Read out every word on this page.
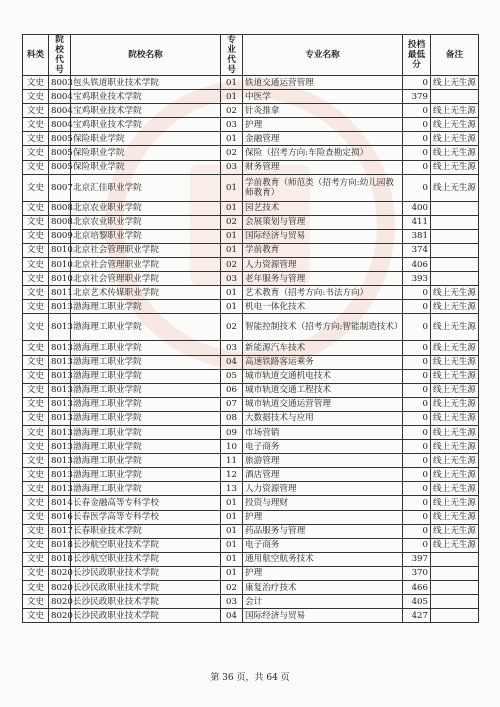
科类	院校代号	院校名称	专业代号	专业名称	投档最低分	备注
文史	8003	包头铁道职业技术学院	01	铁道交通运营管理	0	线上无生源
文史	8004	宝鸡职业技术学院	01	中医学	379	
文史	8004	宝鸡职业技术学院	02	针灸推拿	0	线上无生源
文史	8004	宝鸡职业技术学院	03	护理	0	线上无生源
文史	8005	保险职业学院	01	金融管理	0	线上无生源
文史	8005	保险职业学院	02	保险（招考方向:车险查勘定损）	0	线上无生源
文史	8005	保险职业学院	03	财务管理	0	线上无生源
文史	8007	北京汇佳职业学院	01	学前教育（师范类（招考方向:幼儿园教师教育）	0	线上无生源
文史	8008	北京农业职业学院	01	园艺技术	400	
文史	8008	北京农业职业学院	02	会展策划与管理	411	
文史	8009	北京培黎职业学院	01	国际经济与贸易	381	
文史	8010	北京社会管理职业学院	01	学前教育	374	
文史	8010	北京社会管理职业学院	02	人力资源管理	406	
文史	8010	北京社会管理职业学院	03	老年服务与管理	393	
文史	8011	北京艺术传媒职业学院	01	艺术教育（招考方向:书法方向）	0	线上无生源
文史	8013	渤海理工职业学院	01	机电一体化技术	0	线上无生源
文史	8013	渤海理工职业学院	02	智能控制技术（招考方向:智能制造技术）	0	线上无生源
文史	8013	渤海理工职业学院	03	新能源汽车技术	0	线上无生源
文史	8013	渤海理工职业学院	04	高速铁路客运乘务	0	线上无生源
文史	8013	渤海理工职业学院	05	城市轨道交通机电技术	0	线上无生源
文史	8013	渤海理工职业学院	06	城市轨道交通工程技术	0	线上无生源
文史	8013	渤海理工职业学院	07	城市轨道交通运营管理	0	线上无生源
文史	8013	渤海理工职业学院	08	大数据技术与应用	0	线上无生源
文史	8013	渤海理工职业学院	09	市场营销	0	线上无生源
文史	8013	渤海理工职业学院	10	电子商务	0	线上无生源
文史	8013	渤海理工职业学院	11	旅游管理	0	线上无生源
文史	8013	渤海理工职业学院	12	酒店管理	0	线上无生源
文史	8013	渤海理工职业学院	13	人力资源管理	0	线上无生源
文史	8014	长春金融高等专科学校	01	投资与理财	0	线上无生源
文史	8016	长春医学高等专科学校	01	护理	0	线上无生源
文史	8017	长春职业技术学院	01	药品服务与管理	0	线上无生源
文史	8018	长沙航空职业技术学院	01	电子商务	0	线上无生源
文史	8018	长沙航空职业技术学院	01	通用航空航务技术	397	
文史	8020	长沙民政职业技术学院	01	护理	370	
文史	8020	长沙民政职业技术学院	02	康复治疗技术	466	
文史	8020	长沙民政职业技术学院	03	会计	405	
文史	8020	长沙民政职业技术学院	04	国际经济与贸易	427	
第 36 页，共 64 页
